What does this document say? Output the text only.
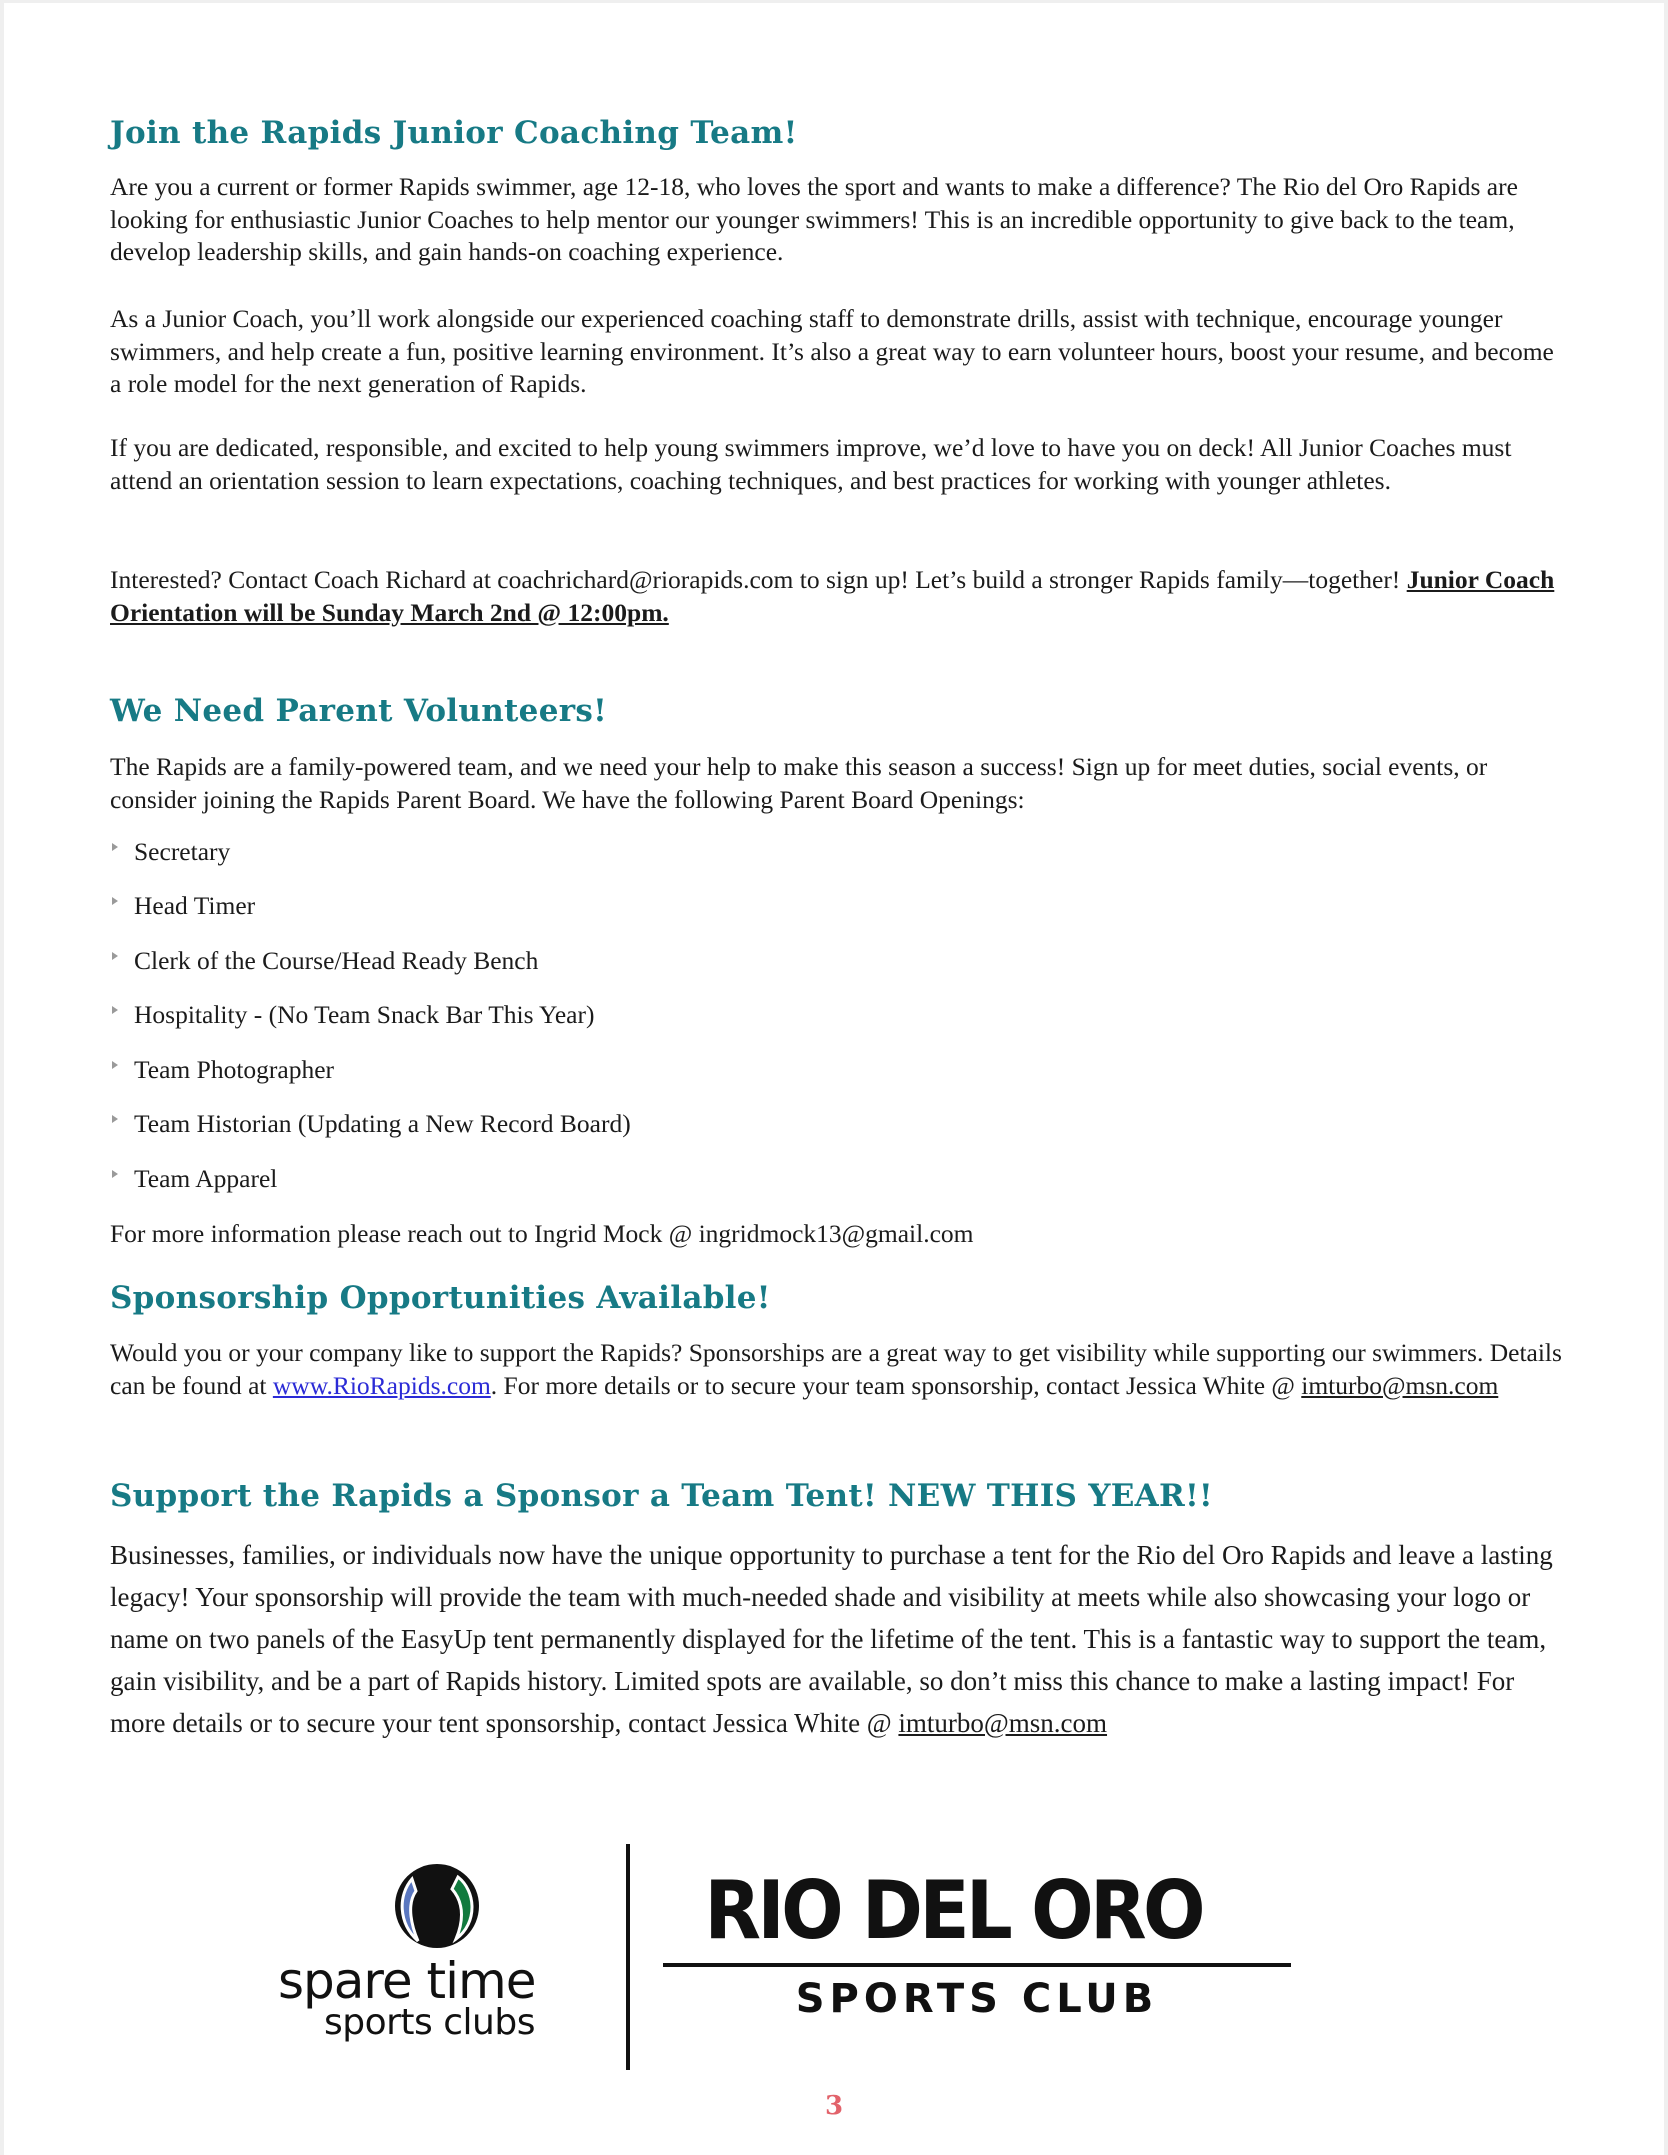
Join the Rapids Junior Coaching Team!

Are you a current or former Rapids swimmer, age 12-18, who loves the sport and wants to make a difference? The Rio del Oro Rapids are looking for enthusiastic Junior Coaches to help mentor our younger swimmers! This is an incredible opportunity to give back to the team, develop leadership skills, and gain hands-on coaching experience.

As a Junior Coach, you’ll work alongside our experienced coaching staff to demonstrate drills, assist with technique, encourage younger swimmers, and help create a fun, positive learning environment. It’s also a great way to earn volunteer hours, boost your resume, and become a role model for the next generation of Rapids.

If you are dedicated, responsible, and excited to help young swimmers improve, we’d love to have you on deck! All Junior Coaches must attend an orientation session to learn expectations, coaching techniques, and best practices for working with younger athletes.

Interested? Contact Coach Richard at coachrichard@riorapids.com to sign up! Let’s build a stronger Rapids family—together! Junior Coach Orientation will be Sunday March 2nd @ 12:00pm.

We Need Parent Volunteers!

The Rapids are a family-powered team, and we need your help to make this season a success! Sign up for meet duties, social events, or consider joining the Rapids Parent Board. We have the following Parent Board Openings:

Secretary
Head Timer
Clerk of the Course/Head Ready Bench
Hospitality - (No Team Snack Bar This Year)
Team Photographer
Team Historian (Updating a New Record Board)
Team Apparel

For more information please reach out to Ingrid Mock @ ingridmock13@gmail.com

Sponsorship Opportunities Available!

Would you or your company like to support the Rapids? Sponsorships are a great way to get visibility while supporting our swimmers. Details can be found at www.RioRapids.com. For more details or to secure your team sponsorship, contact Jessica White @ imturbo@msn.com

Support the Rapids a Sponsor a Team Tent! NEW THIS YEAR!!

Businesses, families, or individuals now have the unique opportunity to purchase a tent for the Rio del Oro Rapids and leave a lasting legacy! Your sponsorship will provide the team with much-needed shade and visibility at meets while also showcasing your logo or name on two panels of the EasyUp tent permanently displayed for the lifetime of the tent. This is a fantastic way to support the team, gain visibility, and be a part of Rapids history. Limited spots are available, so don’t miss this chance to make a lasting impact! For more details or to secure your tent sponsorship, contact Jessica White @ imturbo@msn.com

spare time
sports clubs
RIO DEL ORO
SPORTS CLUB
3
